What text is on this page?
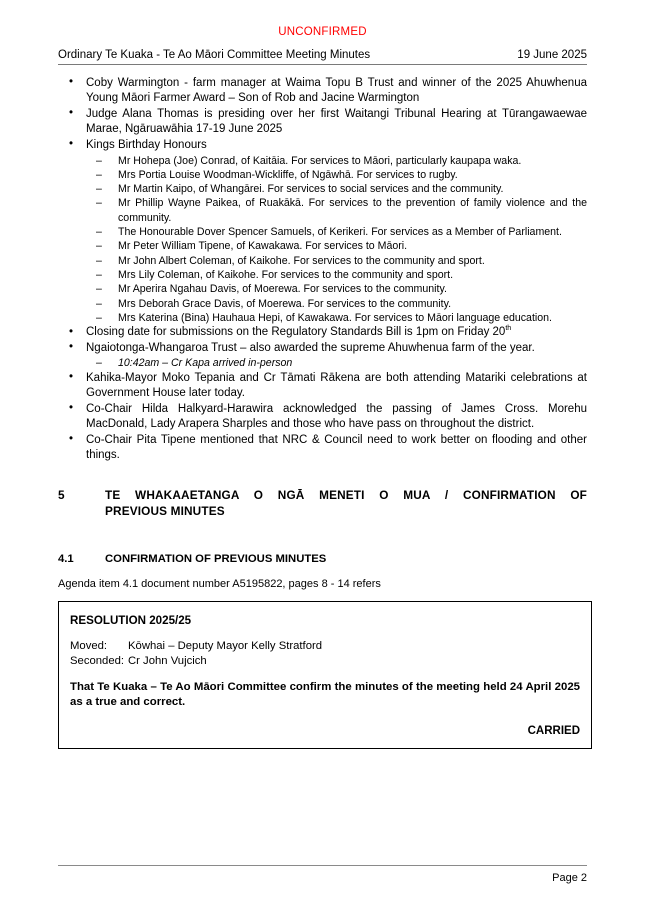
UNCONFIRMED
Ordinary Te Kuaka - Te Ao Māori Committee Meeting Minutes	19 June 2025
• Coby Warmington - farm manager at Waima Topu B Trust and winner of the 2025 Ahuwhenua Young Māori Farmer Award – Son of Rob and Jacine Warmington
• Judge Alana Thomas is presiding over her first Waitangi Tribunal Hearing at Tūrangawaewae Marae, Ngāruawāhia 17-19 June 2025
• Kings Birthday Honours
– Mr Hohepa (Joe) Conrad, of Kaitāia. For services to Māori, particularly kaupapa waka.
– Mrs Portia Louise Woodman-Wickliffe, of Ngāwhā. For services to rugby.
– Mr Martin Kaipo, of Whangārei. For services to social services and the community.
– Mr Phillip Wayne Paikea, of Ruakākā. For services to the prevention of family violence and the community.
– The Honourable Dover Spencer Samuels, of Kerikeri. For services as a Member of Parliament.
– Mr Peter William Tipene, of Kawakawa. For services to Māori.
– Mr John Albert Coleman, of Kaikohe. For services to the community and sport.
– Mrs Lily Coleman, of Kaikohe. For services to the community and sport.
– Mr Aperira Ngahau Davis, of Moerewa. For services to the community.
– Mrs Deborah Grace Davis, of Moerewa. For services to the community.
– Mrs Katerina (Bina) Hauhaua Hepi, of Kawakawa. For services to Māori language education.
• Closing date for submissions on the Regulatory Standards Bill is 1pm on Friday 20th
• Ngaiotonga-Whangaroa Trust – also awarded the supreme Ahuwhenua farm of the year.
– 10:42am – Cr Kapa arrived in-person
• Kahika-Mayor Moko Tepania and Cr Tāmati Rākena are both attending Matariki celebrations at Government House later today.
• Co-Chair Hilda Halkyard-Harawira acknowledged the passing of James Cross. Morehu MacDonald, Lady Arapera Sharples and those who have pass on throughout the district.
• Co-Chair Pita Tipene mentioned that NRC & Council need to work better on flooding and other things.
5	TE WHAKAAETANGA O NGĀ MENETI O MUA / CONFIRMATION OF
PREVIOUS MINUTES
4.1	CONFIRMATION OF PREVIOUS MINUTES
Agenda item 4.1 document number A5195822, pages 8 - 14 refers
RESOLUTION 2025/25
Moved:	Kōwhai – Deputy Mayor Kelly Stratford
Seconded: Cr John Vujcich
That Te Kuaka – Te Ao Māori Committee confirm the minutes of the meeting held 24 April 2025 as a true and correct.
CARRIED
Page 2
